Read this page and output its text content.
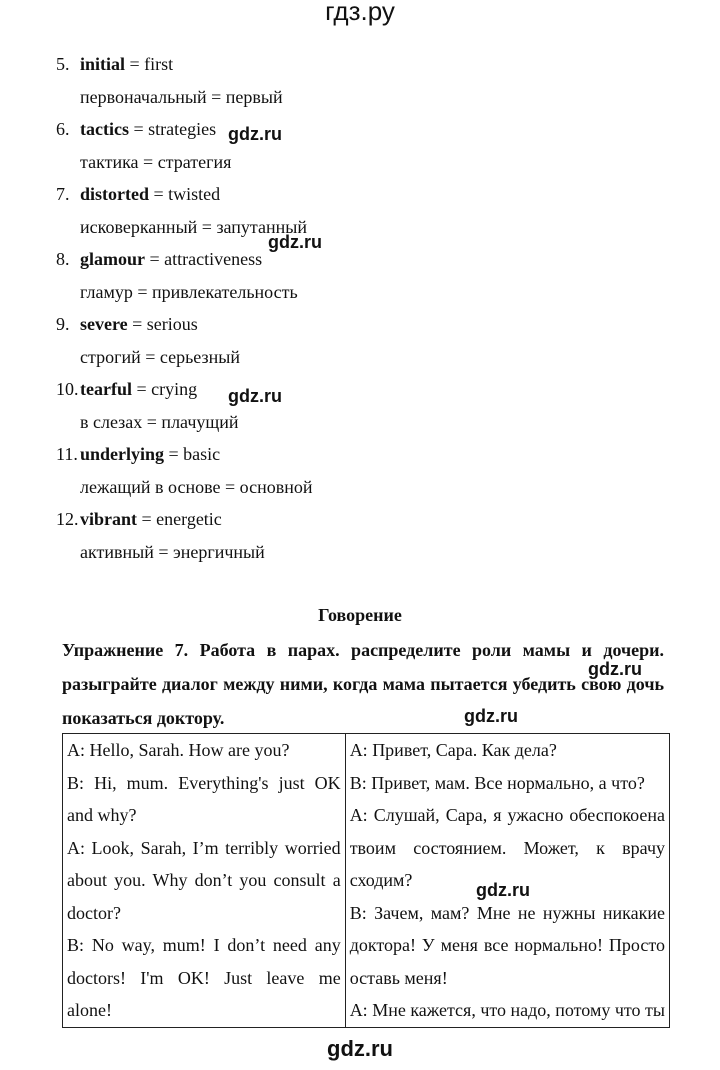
гдз.ру
5. initial = first
первоначальный = первый
6. tactics = strategies
тактика = стратегия
7. distorted = twisted
исковерканный = запутанный
8. glamour = attractiveness
гламур = привлекательность
9. severe = serious
строгий = серьезный
10.tearful = crying
в слезах = плачущий
11. underlying = basic
лежащий в основе = основной
12.vibrant = energetic
активный = энергичный
gdz.ru
gdz.ru
gdz.ru
gdz.ru
gdz.ru
gdz.ru
Говорение
Упражнение 7. Работа в парах. распределите роли мамы и дочери.
разыграйте диалог между ними, когда мама пытается убедить свою дочь
показаться доктору.
A: Hello, Sarah. How are you?
B: Hi, mum. Everything's just OK
and why?
A: Look, Sarah, I’m terribly worried
about you. Why don’t you consult a
doctor?
B: No way, mum! I don’t need any
doctors! I'm OK! Just leave me
alone!

A: Привет, Сара. Как дела?
B: Привет, мам. Все нормально, а что?
A: Слушай, Сара, я ужасно обеспокоена
твоим состоянием. Может, к врачу
сходим?
B: Зачем, мам? Мне не нужны никакие
доктора! У меня все нормально! Просто
оставь меня!
A: Мне кажется, что надо, потому что ты
gdz.ru
